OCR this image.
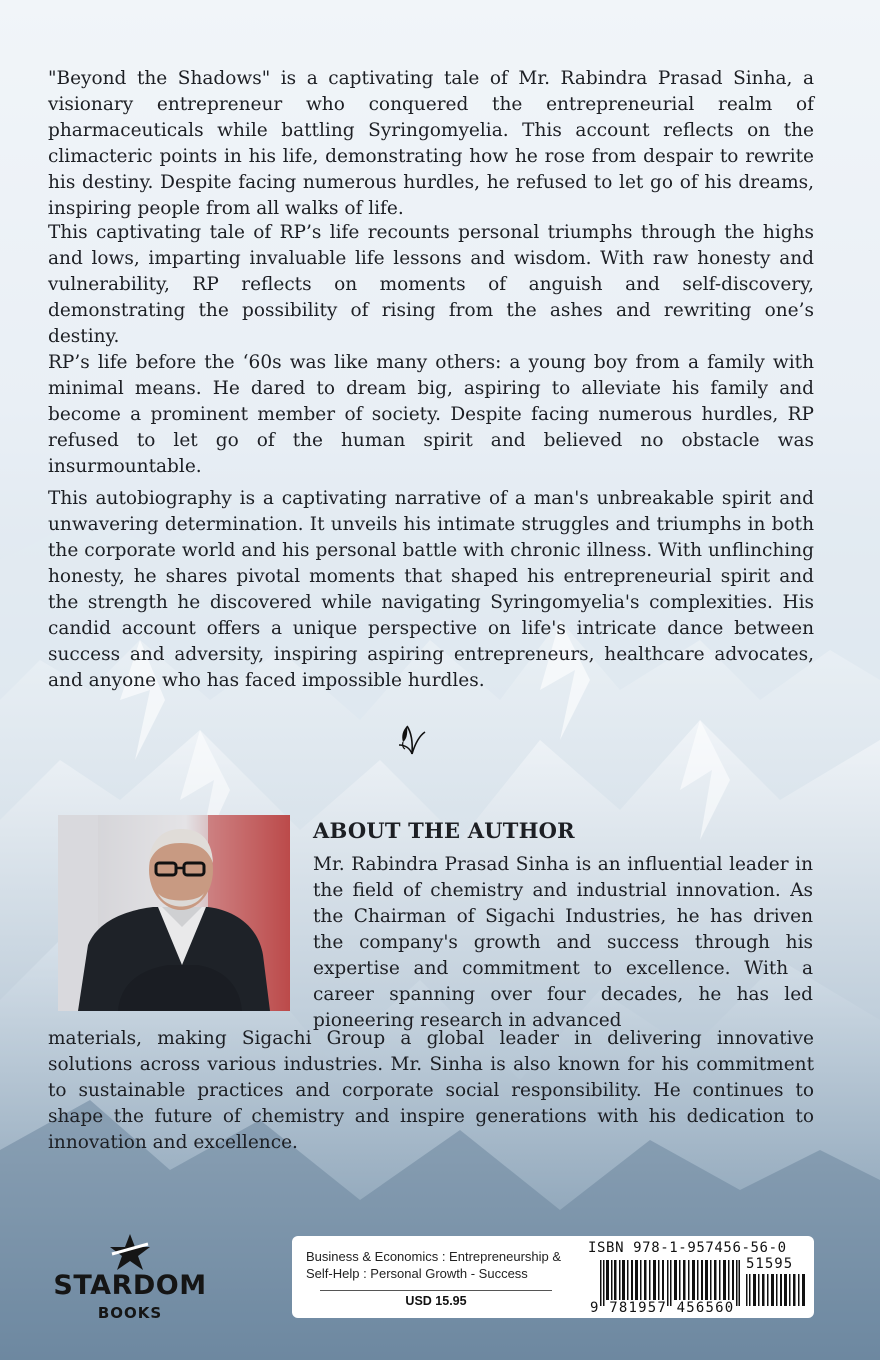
"Beyond the Shadows" is a captivating tale of Mr. Rabindra Prasad Sinha, a visionary entrepreneur who conquered the entrepreneurial realm of pharmaceuticals while battling Syringomyelia. This account reflects on the climacteric points in his life, demonstrating how he rose from despair to rewrite his destiny. Despite facing numerous hurdles, he refused to let go of his dreams, inspiring people from all walks of life.

This captivating tale of RP’s life recounts personal triumphs through the highs and lows, imparting invaluable life lessons and wisdom. With raw honesty and vulnerability, RP reflects on moments of anguish and self-discovery, demonstrating the possibility of rising from the ashes and rewriting one’s destiny.

RP’s life before the ‘60s was like many others: a young boy from a family with minimal means. He dared to dream big, aspiring to alleviate his family and become a prominent member of society. Despite facing numerous hurdles, RP refused to let go of the human spirit and believed no obstacle was insurmountable.

This autobiography is a captivating narrative of a man's unbreakable spirit and unwavering determination. It unveils his intimate struggles and triumphs in both the corporate world and his personal battle with chronic illness. With unflinching honesty, he shares pivotal moments that shaped his entrepreneurial spirit and the strength he discovered while navigating Syringomyelia's complexities. His candid account offers a unique perspective on life's intricate dance between success and adversity, inspiring aspiring entrepreneurs, healthcare advocates, and anyone who has faced impossible hurdles.

ABOUT THE AUTHOR

Mr. Rabindra Prasad Sinha is an influential leader in the field of chemistry and industrial innovation. As the Chairman of Sigachi Industries, he has driven the company's growth and success through his expertise and commitment to excellence. With a career spanning over four decades, he has led pioneering research in advanced

materials, making Sigachi Group a global leader in delivering innovative solutions across various industries. Mr. Sinha is also known for his commitment to sustainable practices and corporate social responsibility. He continues to shape the future of chemistry and inspire generations with his dedication to innovation and excellence.

STARDOM
BOOKS
Business & Economics : Entrepreneurship & Self-Help : Personal Growth - Success
USD 15.95
ISBN 978-1-957456-56-0
51595
9 781957 456560
